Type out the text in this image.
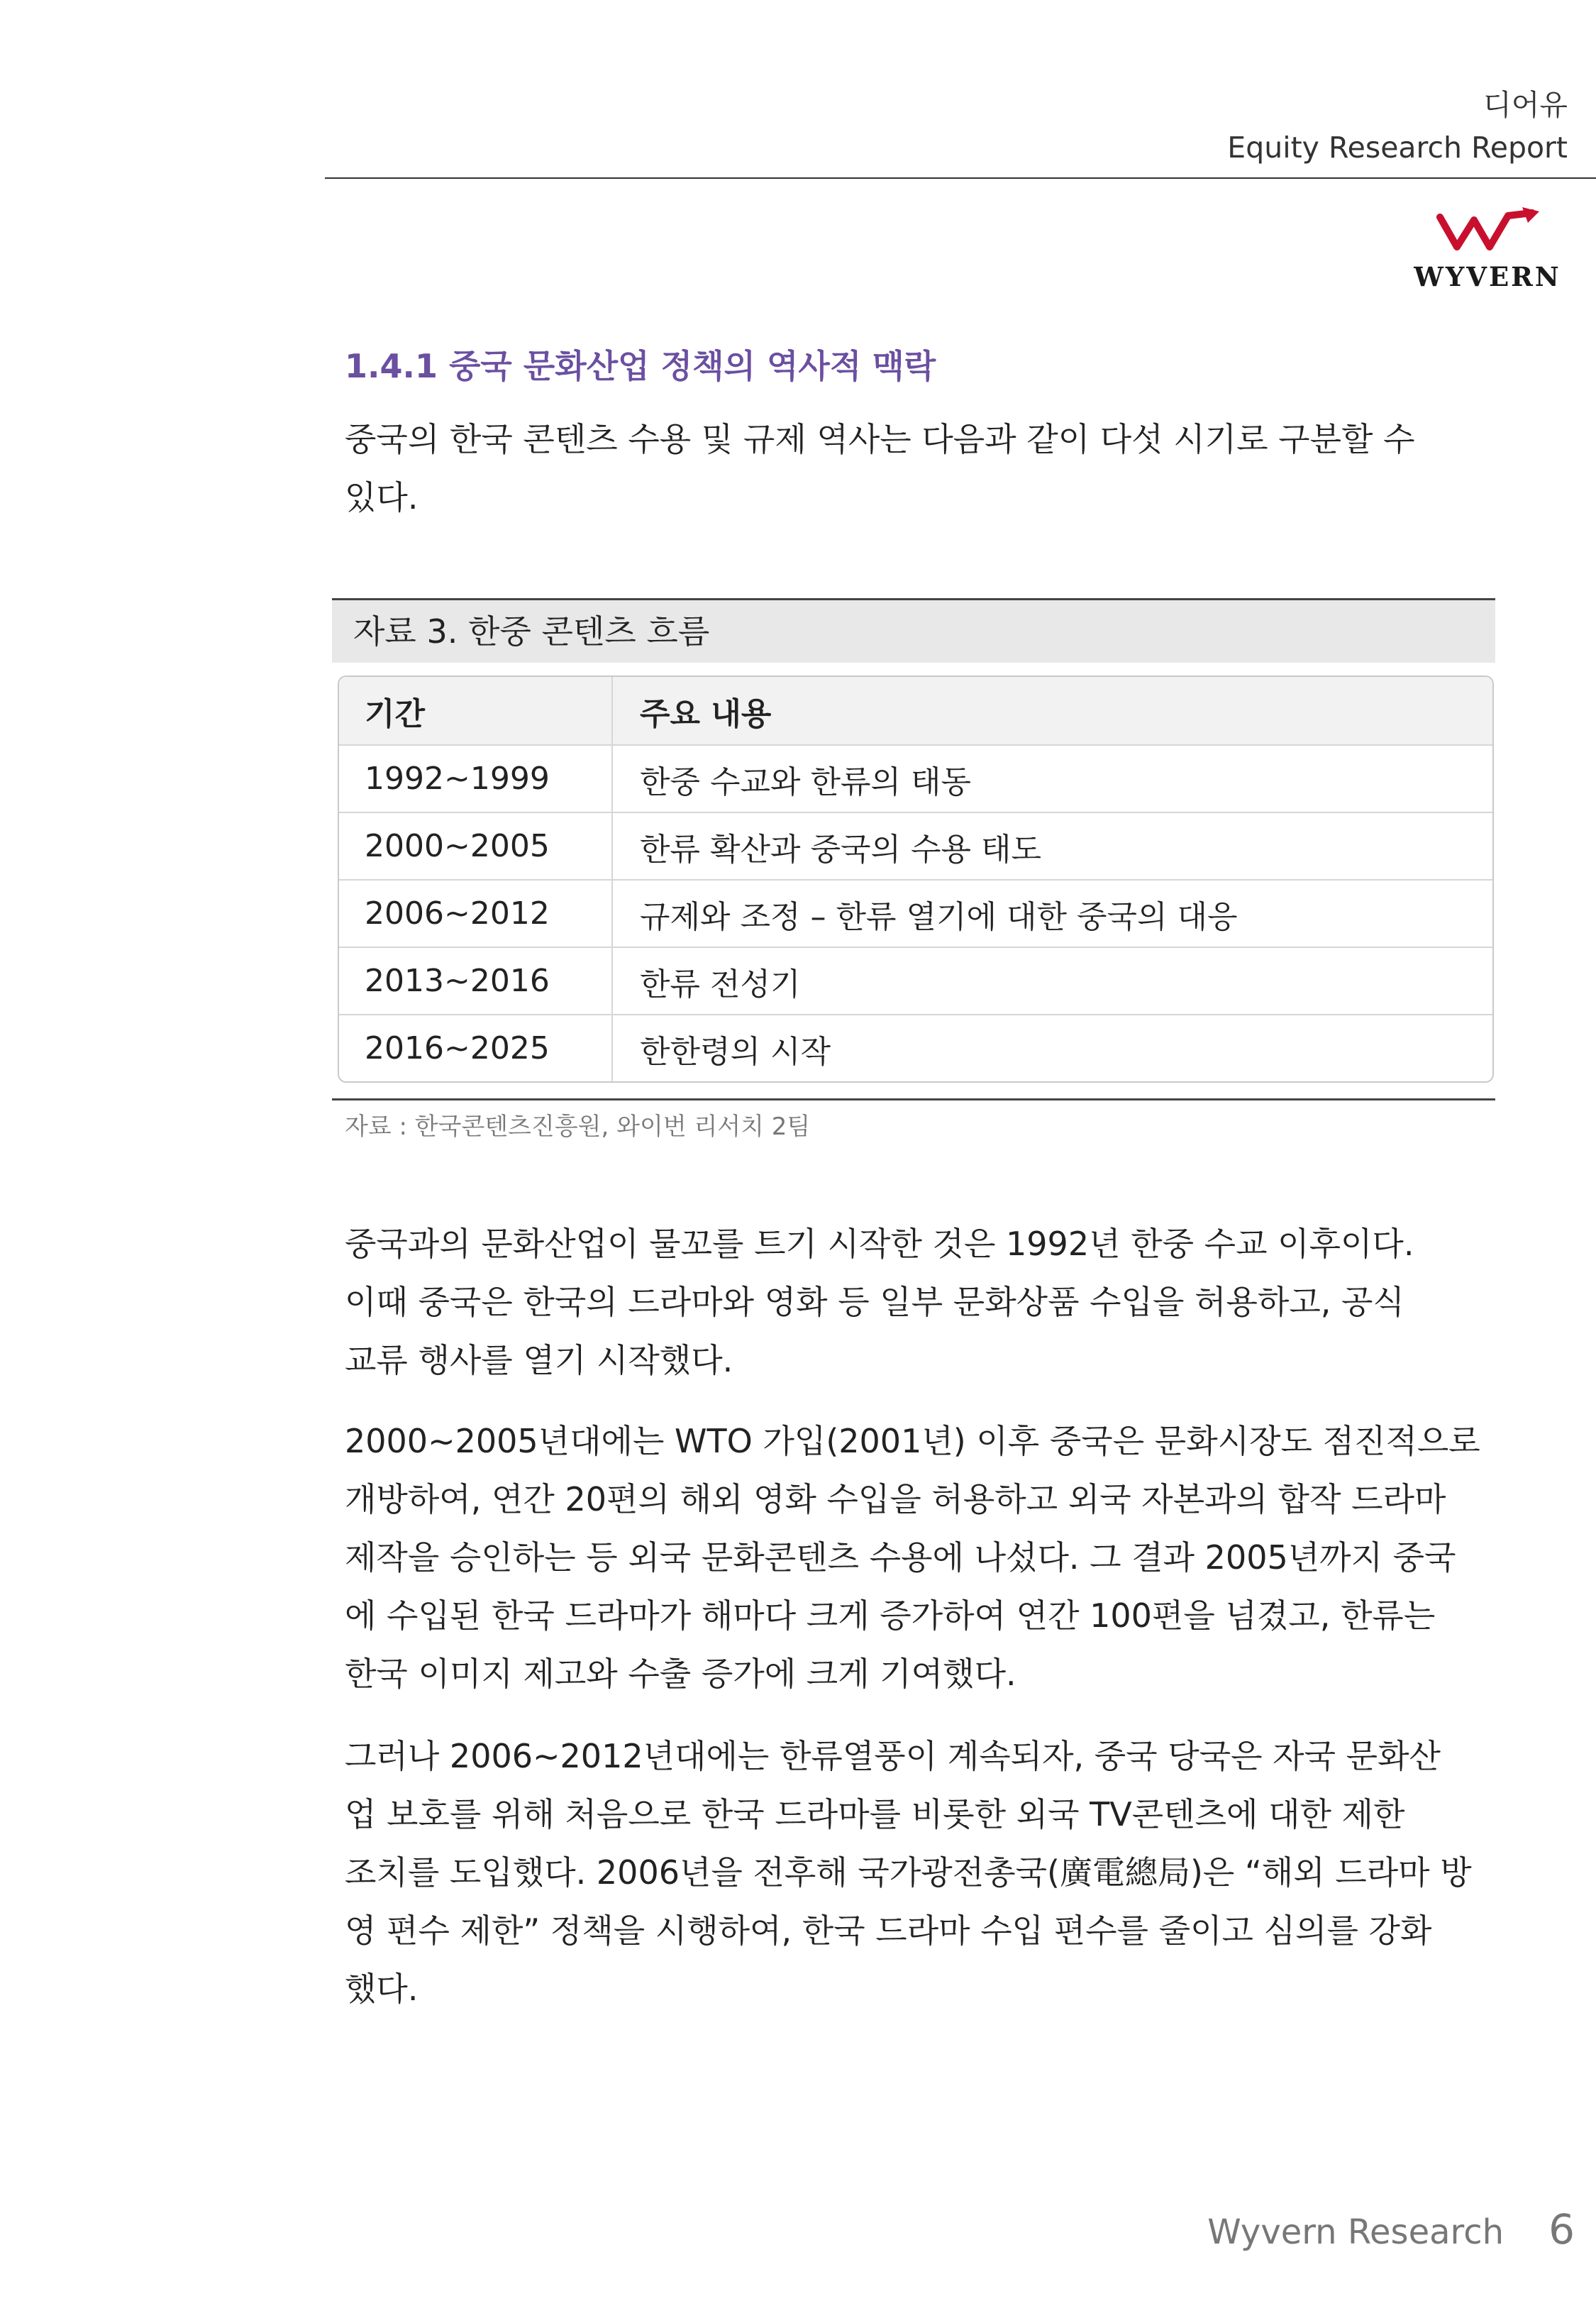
디어유
Equity Research Report
WYVERN
1.4.1 중국 문화산업 정책의 역사적 맥락
중국의 한국 콘텐츠 수용 및 규제 역사는 다음과 같이 다섯 시기로 구분할 수
있다.
자료 3. 한중 콘텐츠 흐름
기간	주요 내용
1992~1999	한중 수교와 한류의 태동
2000~2005	한류 확산과 중국의 수용 태도
2006~2012	규제와 조정 – 한류 열기에 대한 중국의 대응
2013~2016	한류 전성기
2016~2025	한한령의 시작
자료 : 한국콘텐츠진흥원, 와이번 리서치 2팀
중국과의 문화산업이 물꼬를 트기 시작한 것은 1992년 한중 수교 이후이다.
이때 중국은 한국의 드라마와 영화 등 일부 문화상품 수입을 허용하고, 공식
교류 행사를 열기 시작했다.
2000~2005년대에는 WTO 가입(2001년) 이후 중국은 문화시장도 점진적으로
개방하여, 연간 20편의 해외 영화 수입을 허용하고 외국 자본과의 합작 드라마
제작을 승인하는 등 외국 문화콘텐츠 수용에 나섰다. 그 결과 2005년까지 중국
에 수입된 한국 드라마가 해마다 크게 증가하여 연간 100편을 넘겼고, 한류는
한국 이미지 제고와 수출 증가에 크게 기여했다.
그러나 2006~2012년대에는 한류열풍이 계속되자, 중국 당국은 자국 문화산
업 보호를 위해 처음으로 한국 드라마를 비롯한 외국 TV콘텐츠에 대한 제한
조치를 도입했다. 2006년을 전후해 국가광전총국(廣電總局)은 “해외 드라마 방
영 편수 제한” 정책을 시행하여, 한국 드라마 수입 편수를 줄이고 심의를 강화
했다.
Wyvern Research 6
